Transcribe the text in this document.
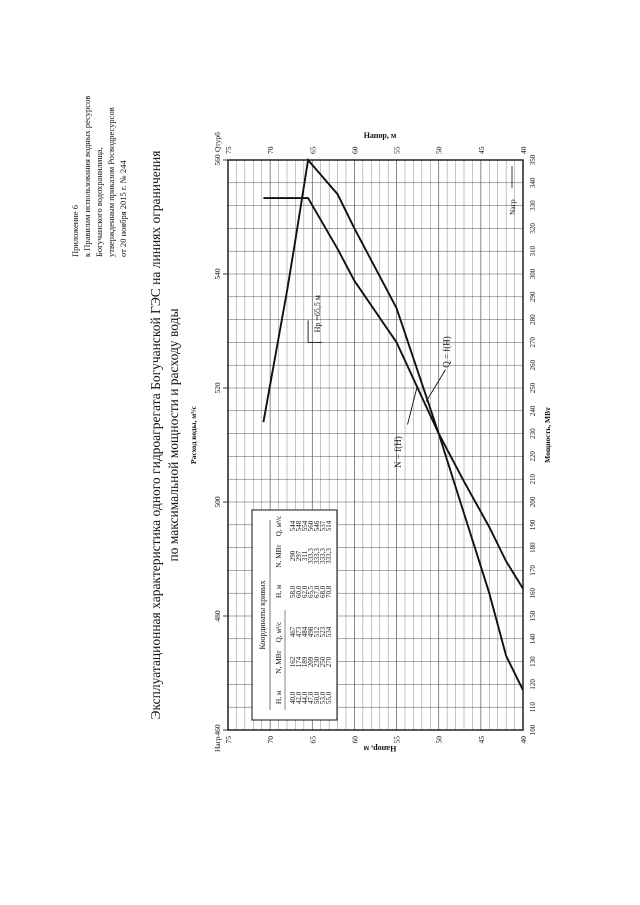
Приложение 6 к Правилам использования водных ресурсов Богучанского водохранилища, утвержденным приказом Росводресурсов от 20 ноября 2015 г. № 244 Эксплуатационная характеристика одного гидроагрегата Богучанской ГЭС на линиях ограничения по максимальной мощности и расходу воды Расход воды, м³/с	Мощность, МВт
460
480
500
520
540
560
100
110
120
130
140
150
160
170
180
190
200
210
220
230
240
250
260
270
280
290
300
310
320
330
340
350
40
40
45
45
50
50
55
55
60
60
65
65
70
70
75
75
Напор, м
Напор, м
Нагр
Qтурб
Nагр
Hр =65,5 м
Q = f(H)
N = f(H)
Координаты кривых
H, м
N, МВт
Q, м³/с
40,0
162
467
42,0
174
473
44,0
189
484
47,0
209
498
50,0
230
512
53,0
250
523
55,0
270
534
58,0
290
544
60,0
297
548
62,0
311
554
65,5
333,3
560
67,0
333,3
546
68,0
333,3
537
70,8
333,3
514
H, м
N, МВт
Q, м³/с
